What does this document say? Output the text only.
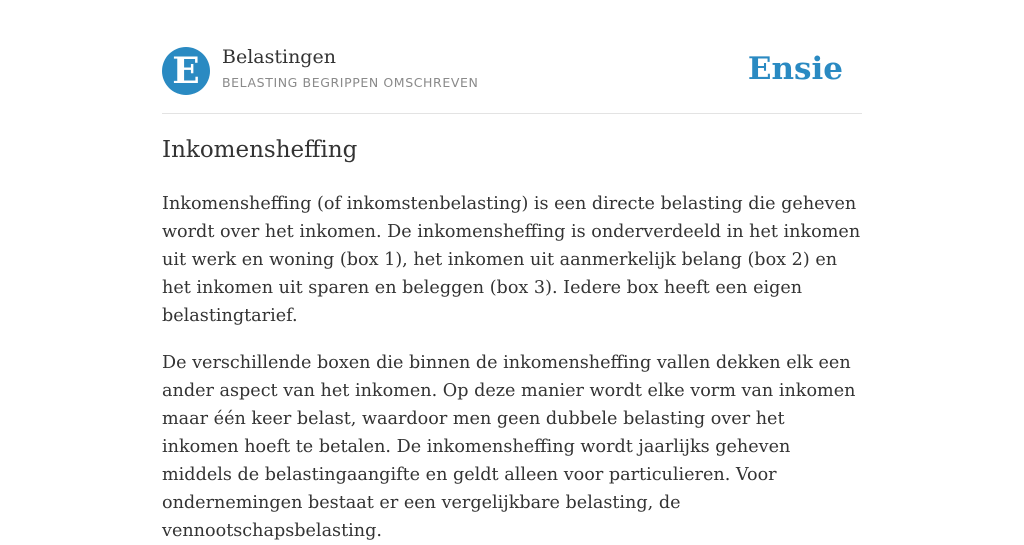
E	Belastingen
BELASTING BEGRIPPEN OMSCHREVEN	Ensie
Inkomensheffing

Inkomensheffing (of inkomstenbelasting) is een directe belasting die geheven wordt over het inkomen. De inkomensheffing is onderverdeeld in het inkomen uit werk en woning (box 1), het inkomen uit aanmerkelijk belang (box 2) en het inkomen uit sparen en beleggen (box 3). Iedere box heeft een eigen belastingtarief.

De verschillende boxen die binnen de inkomensheffing vallen dekken elk een ander aspect van het inkomen. Op deze manier wordt elke vorm van inkomen maar één keer belast, waardoor men geen dubbele belasting over het inkomen hoeft te betalen. De inkomensheffing wordt jaarlijks geheven middels de belastingaangifte en geldt alleen voor particulieren. Voor ondernemingen bestaat er een vergelijkbare belasting, de vennootschapsbelasting.
